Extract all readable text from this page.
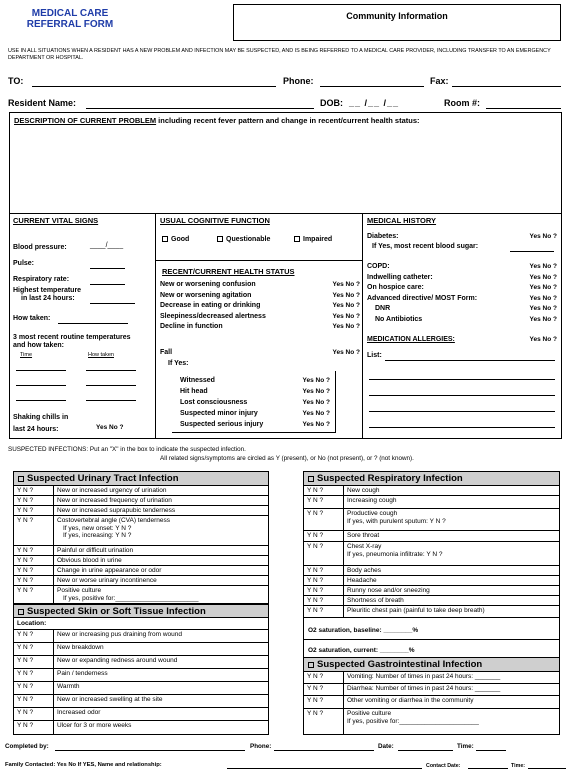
MEDICAL CARE
REFERRAL FORM
Community Information
USE IN ALL SITUATIONS WHEN A RESIDENT HAS A NEW PROBLEM AND INFECTION MAY BE SUSPECTED, AND IS BEING REFERRED TO A MEDICAL CARE PROVIDER, INCLUDING TRANSFER TO AN EMERGENCY DEPARTMENT OR HOSPITAL.
TO:	Phone:	Fax:
Resident Name:	DOB: __ /__ /__	Room #:
DESCRIPTION OF CURRENT PROBLEM including recent fever pattern and change in recent/current health status:
CURRENT VITAL SIGNS
Blood pressure:	____/____
Pulse:
Respiratory rate:
Highest temperature
in last 24 hours:
How taken:
3 most recent routine temperatures
and how taken:
Time	How taken
Shaking chills in
last 24 hours:	Yes No ?
USUAL COGNITIVE FUNCTION
Good	Questionable	Impaired
RECENT/CURRENT HEALTH STATUS
New or worsening confusion	Yes No ?
New or worsening agitation	Yes No ?
Decrease in eating or drinking	Yes No ?
Sleepiness/decreased alertness	Yes No ?
Decline in function	Yes No ?
Fall	Yes No ?
If Yes:
Witnessed	Yes No ?
Hit head	Yes No ?
Lost consciousness	Yes No ?
Suspected minor injury	Yes No ?
Suspected serious injury	Yes No ?
MEDICAL HISTORY
Diabetes:	Yes No ?
If Yes, most recent blood sugar:
COPD:	Yes No ?
Indwelling catheter:	Yes No ?
On hospice care:	Yes No ?
Advanced directive/ MOST Form:	Yes No ?
DNR	Yes No ?
No Antibiotics	Yes No ?
MEDICATION ALLERGIES:	Yes No ?
List:
SUSPECTED INFECTIONS: Put an "X" in the box to indicate the suspected infection.
All related signs/symptoms are circled as Y (present), or No (not present), or ? (not known).
Suspected Urinary Tract Infection
Y N ?	New or increased urgency of urination
Y N ?	New or increased frequency of urination
Y N ?	New or increased suprapubic tenderness
Y N ?	Costovertebral angle (CVA) tenderness
If yes, new onset: Y N ?
If yes, increasing: Y N ?
Y N ?	Painful or difficult urination
Y N ?	Obvious blood in urine
Y N ?	Change in urine appearance or odor
Y N ?	New or worse urinary incontinence
Y N ?	Positive culture
If yes, positive for:_______________________
Suspected Skin or Soft Tissue Infection
Location:
Y N ?	New or increasing pus draining from wound
Y N ?	New breakdown
Y N ?	New or expanding redness around wound
Y N ?	Pain / tenderness
Y N ?	Warmth
Y N ?	New or increased swelling at the site
Y N ?	Increased odor
Y N ?	Ulcer for 3 or more weeks
Suspected Respiratory Infection
Y N ?	New cough
Y N ?	Increasing cough
Y N ?	Productive cough
If yes, with purulent sputum: Y N ?
Y N ?	Sore throat
Y N ?	Chest X-ray
If yes, pneumonia infiltrate: Y N ?
Y N ?	Body aches
Y N ?	Headache
Y N ?	Runny nose and/or sneezing
Y N ?	Shortness of breath
Y N ?	Pleuritic chest pain (painful to take deep breath)
O2 saturation, baseline: ________%
O2 saturation, current: ________%
Suspected Gastrointestinal Infection
Y N ?	Vomiting: Number of times in past 24 hours: _______
Y N ?	Diarrhea: Number of times in past 24 hours: _______
Y N ?	Other vomiting or diarrhea in the community
Y N ?	Positive culture
If yes, positive for:______________________
Completed by:	Phone:	Date:	Time:
Family Contacted: Yes No If YES, Name and relationship:	Contact Date:	Time:
